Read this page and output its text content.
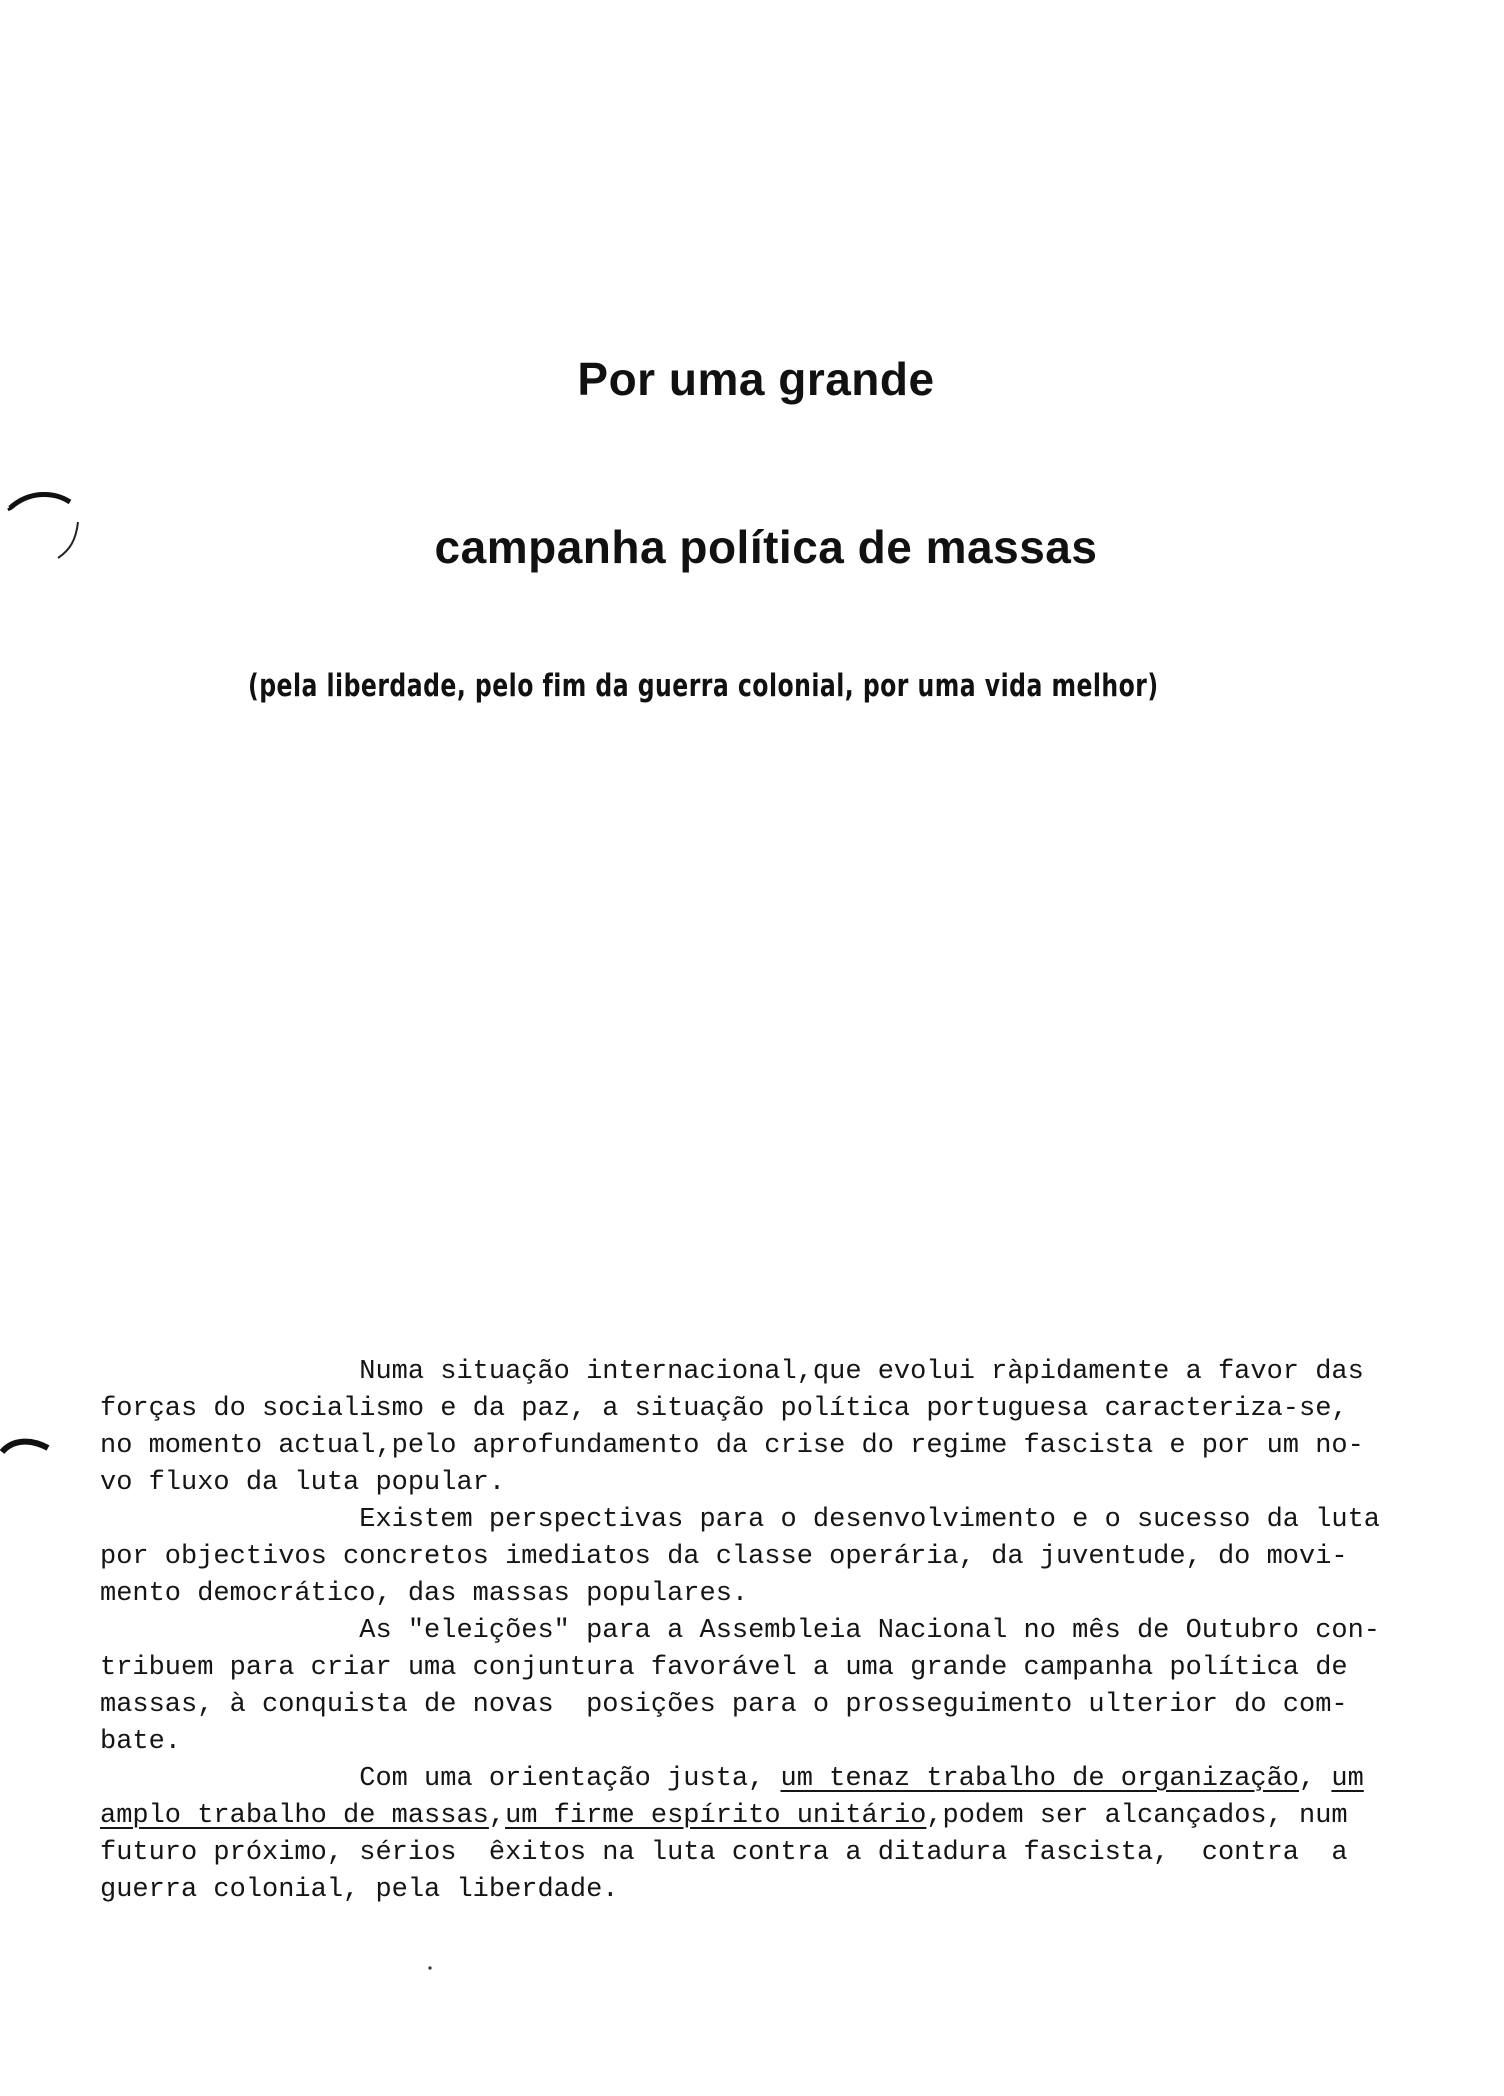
Por uma grande
campanha política de massas
(pela liberdade, pelo fim da guerra colonial, por uma vida melhor)
Numa situação internacional,que evolui ràpidamente a favor das
forças do socialismo e da paz, a situação política portuguesa caracteriza-se,
no momento actual,pelo aprofundamento da crise do regime fascista e por um no-
vo fluxo da luta popular.
Existem perspectivas para o desenvolvimento e o sucesso da luta
por objectivos concretos imediatos da classe operária, da juventude, do movi-
mento democrático, das massas populares.
As "eleições" para a Assembleia Nacional no mês de Outubro con-
tribuem para criar uma conjuntura favorável a uma grande campanha política de
massas, à conquista de novas  posições para o prosseguimento ulterior do com-
bate.
Com uma orientação justa, um tenaz trabalho de organização, um
amplo trabalho de massas,um firme espírito unitário,podem ser alcançados, num
futuro próximo, sérios  êxitos na luta contra a ditadura fascista,  contra  a
guerra colonial, pela liberdade.
